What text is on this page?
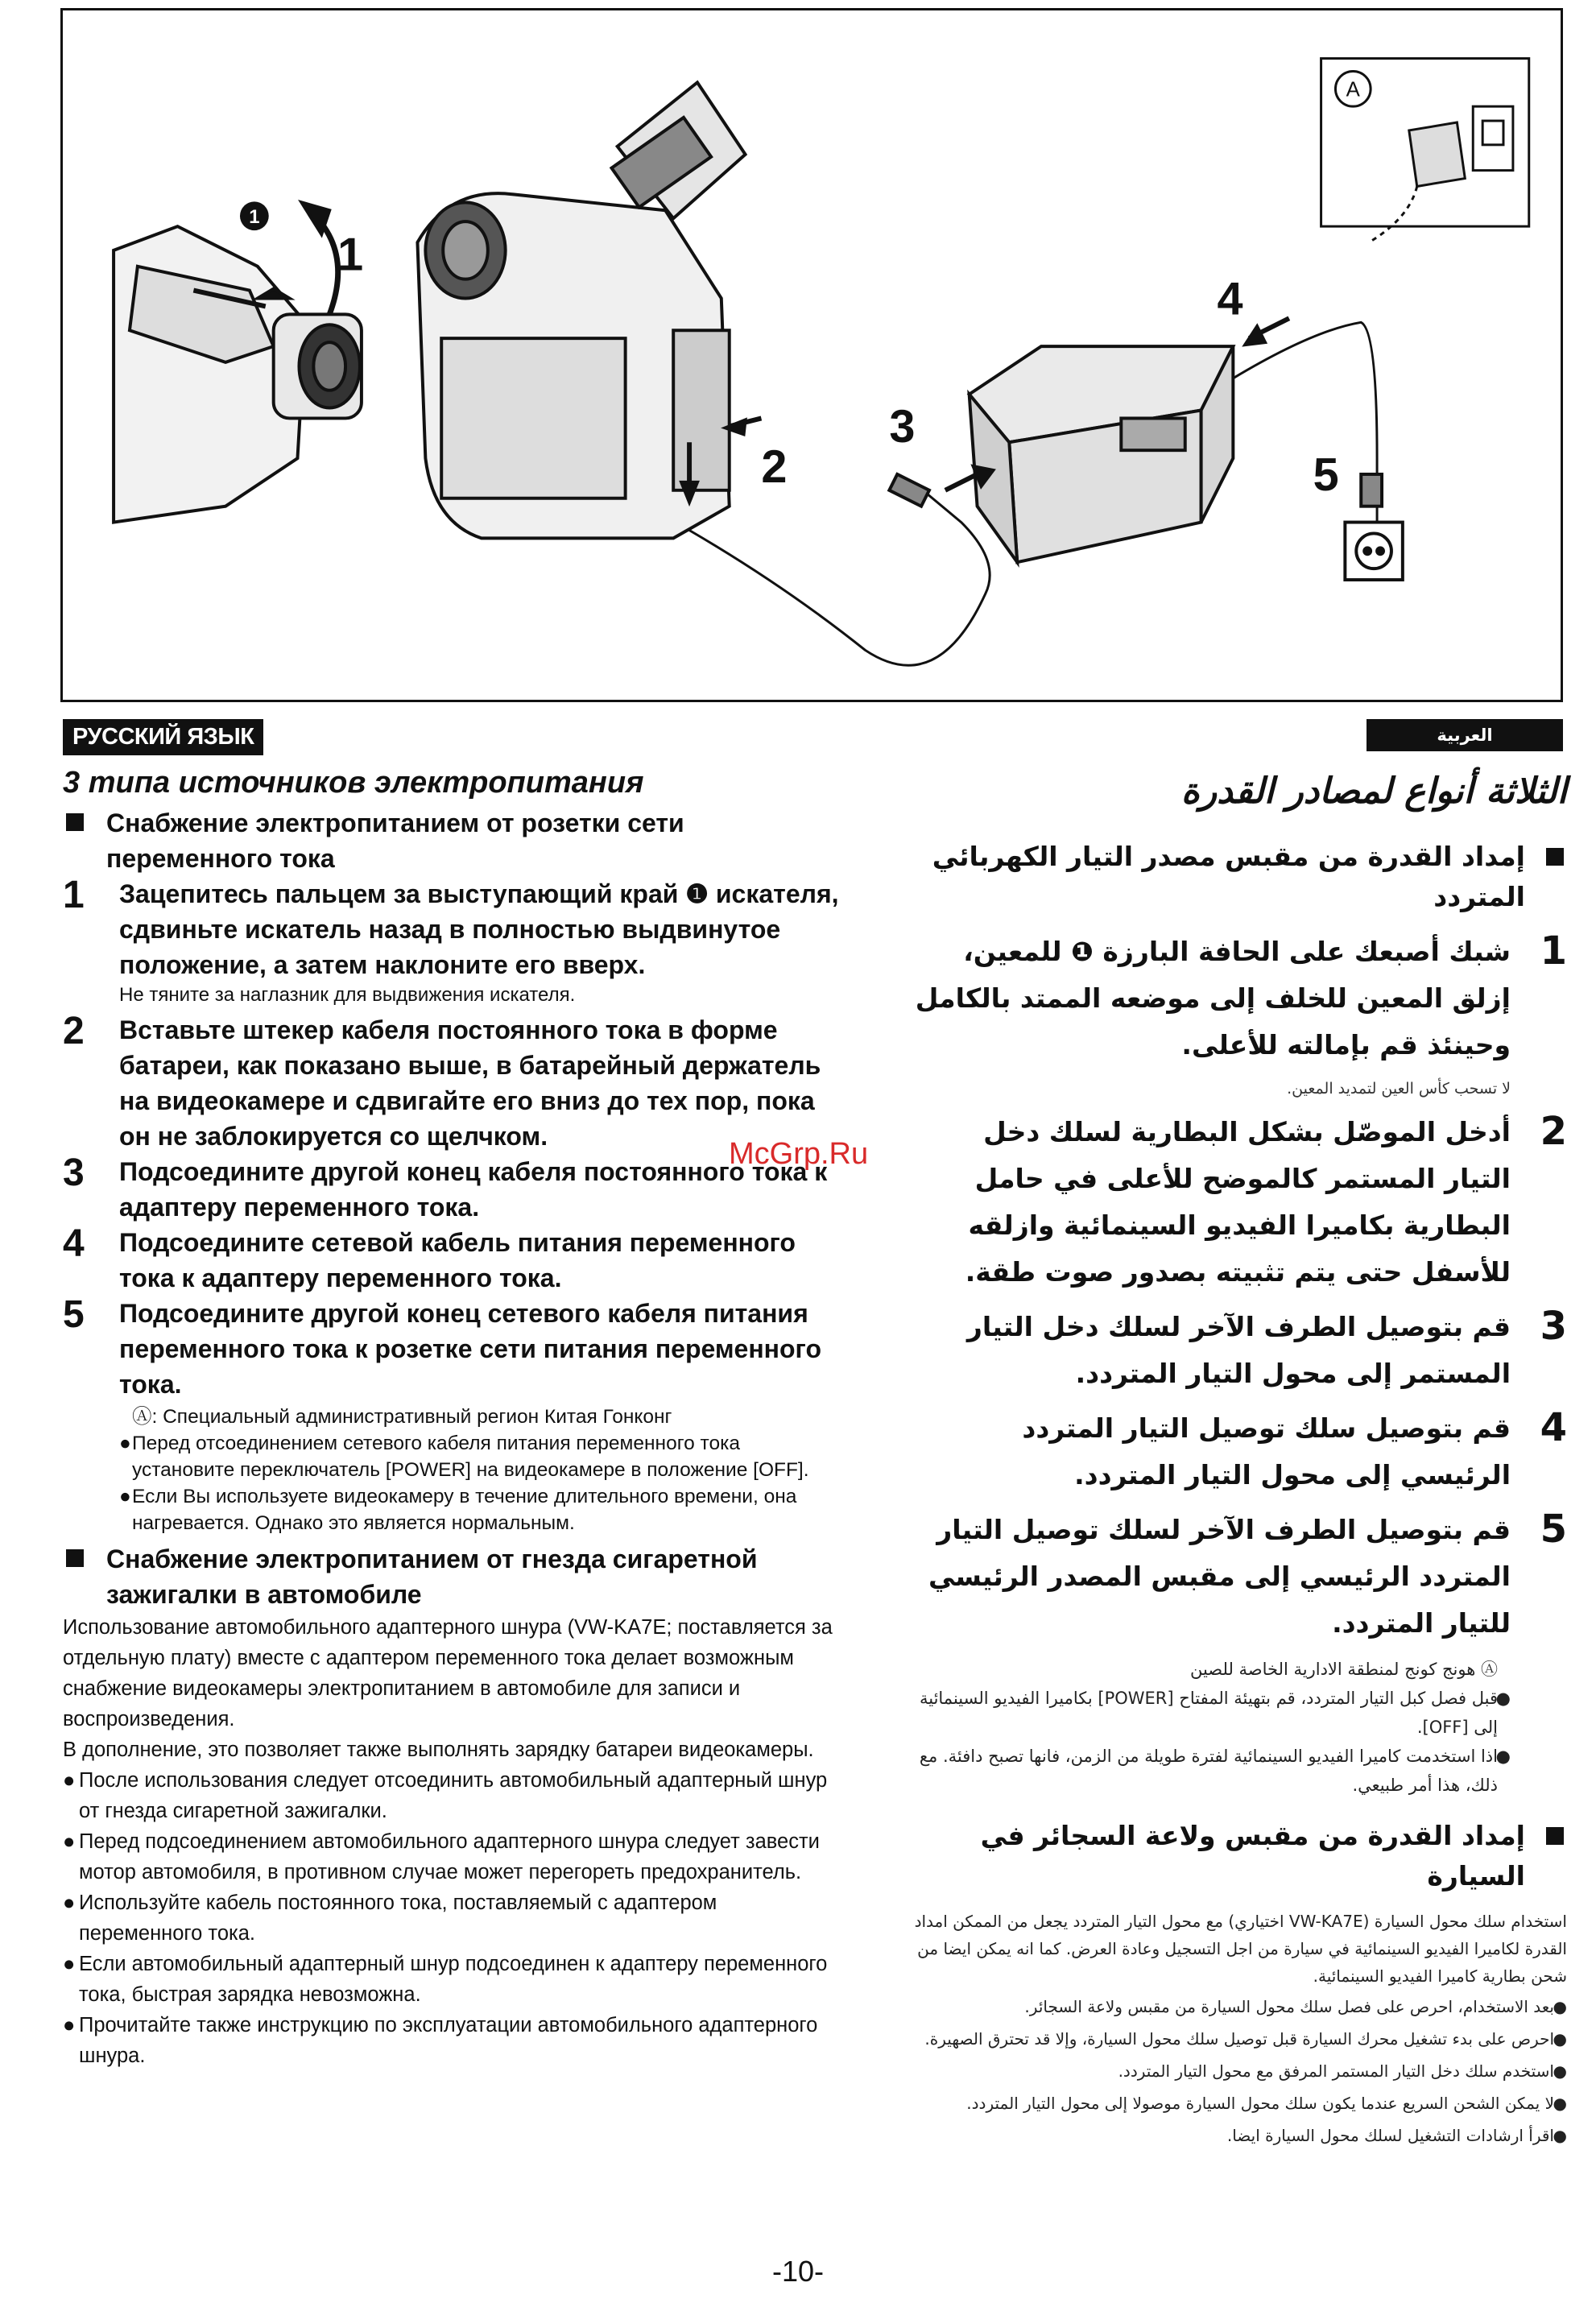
1
1
2
3
4
5
A
РУССКИЙ ЯЗЫК	العربية
3 типа источников электропитания
Снабжение электропитанием от розетки сети переменного тока
1	Зацепитесь пальцем за выступающий край ❶ искателя, сдвиньте искатель назад в полностью выдвинутое положение, а затем наклоните его вверх.
Не тяните за наглазник для выдвижения искателя.
2	Вставьте штекер кабеля постоянного тока в форме батареи, как показано выше, в батарейный держатель на видеокамере и сдвигайте его вниз до тех пор, пока он не заблокируется со щелчком.
3	Подсоедините другой конец кабеля постоянного тока к адаптеру переменного тока.
4	Подсоедините сетевой кабель питания переменного тока к адаптеру переменного тока.
5	Подсоедините другой конец сетевого кабеля питания переменного тока к розетке сети питания переменного тока.
Ⓐ: Специальный административный регион Китая Гонконг
● Перед отсоединением сетевого кабеля питания переменного тока установите переключатель [POWER] на видеокамере в положение [OFF].
● Если Вы используете видеокамеру в течение длительного времени, она нагревается. Однако это является нормальным.
Снабжение электропитанием от гнезда сигаретной зажигалки в автомобиле

Использование автомобильного адаптерного шнура (VW-KA7E; поставляется за отдельную плату) вместе с адаптером переменного тока делает возможным снабжение видеокамеры электропитанием в автомобиле для записи и воспроизведения.

В дополнение, это позволяет также выполнять зарядку батареи видеокамеры.

● После использования следует отсоединить автомобильный адаптерный шнур от гнезда сигаретной зажигалки.
● Перед подсоединением автомобильного адаптерного шнура следует завести мотор автомобиля, в противном случае может перегореть предохранитель.
● Используйте кабель постоянного тока, поставляемый с адаптером переменного тока.
● Если автомобильный адаптерный шнур подсоединен к адаптеру переменного тока, быстрая зарядка невозможна.
● Прочитайте также инструкцию по эксплуатации автомобильного адаптерного шнура.
McGrp.Ru
الثلاثة أنواع لمصادر القدرة
إمداد القدرة من مقبس مصدر التيار الكهربائي المتردد
1
شبك أصبعك على الحافة البارزة ❶ للمعين، إزلق المعين للخلف إلى موضعه الممتد بالكامل وحينئذ قم بإمالته للأعلى.
لا تسحب كأس العين لتمديد المعين.
2
أدخل الموصّل بشكل البطارية لسلك دخل التيار المستمر كالموضح للأعلى في حامل البطارية بكاميرا الفيديو السينمائية وازلقه للأسفل حتى يتم تثبيته بصدور صوت طقة.
3
قم بتوصيل الطرف الآخر لسلك دخل التيار المستمر إلى محول التيار المتردد.
4
قم بتوصيل سلك توصيل التيار المتردد الرئيسي إلى محول التيار المتردد.
5
قم بتوصيل الطرف الآخر لسلك توصيل التيار المتردد الرئيسي إلى مقبس المصدر الرئيسي للتيار المتردد.
Ⓐ هونج كونج لمنطقة الادارية الخاصة للصين
●
قبل فصل كبل التيار المتردد، قم بتهيئة المفتاح [POWER] بكاميرا الفيديو السينمائية إلى [OFF].
●
اذا استخدمت كاميرا الفيديو السينمائية لفترة طويلة من الزمن، فانها تصبح دافئة. مع ذلك، هذا أمر طبيعي.
إمداد القدرة من مقبس ولاعة السجائر في السيارة

استخدام سلك محول السيارة (VW-KA7E اختياري) مع محول التيار المتردد يجعل من الممكن امداد القدرة لكاميرا الفيديو السينمائية في سيارة من اجل التسجيل وعادة العرض. كما انه يمكن ايضا من شحن بطارية كاميرا الفيديو السينمائية.

●
بعد الاستخدام، احرص على فصل سلك محول السيارة من مقبس ولاعة السجائر.
●
احرص على بدء تشغيل محرك السيارة قبل توصيل سلك محول السيارة، وإلا قد تحترق الصهيرة.
●
استخدم سلك دخل التيار المستمر المرفق مع محول التيار المتردد.
●
لا يمكن الشحن السريع عندما يكون سلك محول السيارة موصولا إلى محول التيار المتردد.
●
اقرأ ارشادات التشغيل لسلك محول السيارة ايضا.
-10-
